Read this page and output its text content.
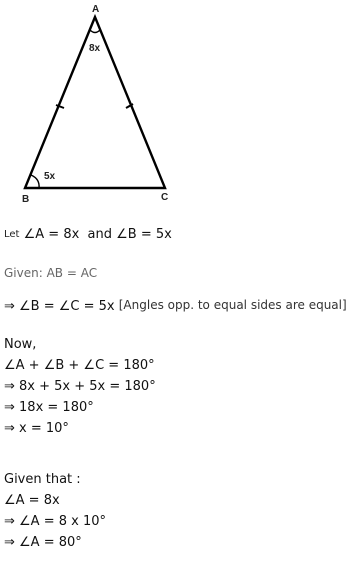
A
B	C
8x
5x
$^{Let}$ ∠A = 8x  and ∠B = 5x
Given: AB = AC
⇒ ∠B = ∠C = 5x [Angles opp. to equal sides are equal]
Now,
∠A + ∠B + ∠C = 180°
⇒ 8x + 5x + 5x = 180°
⇒ 18x = 180°
⇒ x = 10°
Given that :
∠A = 8x
⇒ ∠A = 8 x 10°
⇒ ∠A = 80°
